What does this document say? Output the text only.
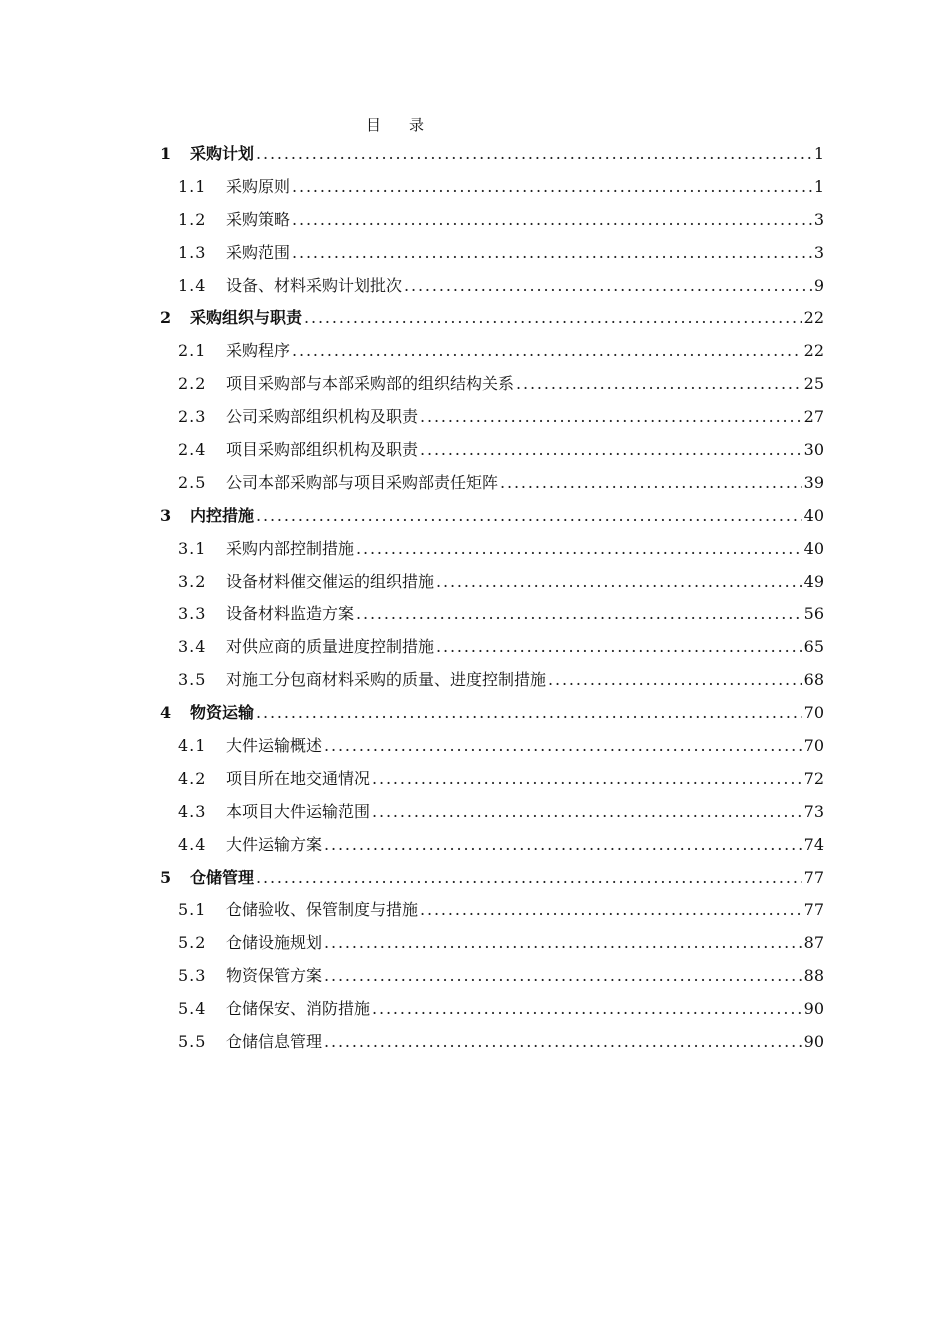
目录
1	采购计划 . . .	1
1.1	采购原则 . . .	1
1.2	采购策略 . . .	3
1.3	采购范围 . . .	3
1.4	设备、材料采购计划批次 . . .	9
2	采购组织与职责 . . .	22
2.1	采购程序 . . .	22
2.2	项目采购部与本部采购部的组织结构关系 . . .	25
2.3	公司采购部组织机构及职责 . . .	27
2.4	项目采购部组织机构及职责 . . .	30
2.5	公司本部采购部与项目采购部责任矩阵 . . .	39
3	内控措施 . . .	40
3.1	采购内部控制措施 . . .	40
3.2	设备材料催交催运的组织措施 . . .	49
3.3	设备材料监造方案 . . .	56
3.4	对供应商的质量进度控制措施 . . .	65
3.5	对施工分包商材料采购的质量、进度控制措施 . . .	68
4	物资运输 . . .	70
4.1	大件运输概述 . . .	70
4.2	项目所在地交通情况 . . .	72
4.3	本项目大件运输范围 . . .	73
4.4	大件运输方案 . . .	74
5	仓储管理 . . .	77
5.1	仓储验收、保管制度与措施 . . .	77
5.2	仓储设施规划 . . .	87
5.3	物资保管方案 . . .	88
5.4	仓储保安、消防措施 . . .	90
5.5	仓储信息管理 . . .	90
